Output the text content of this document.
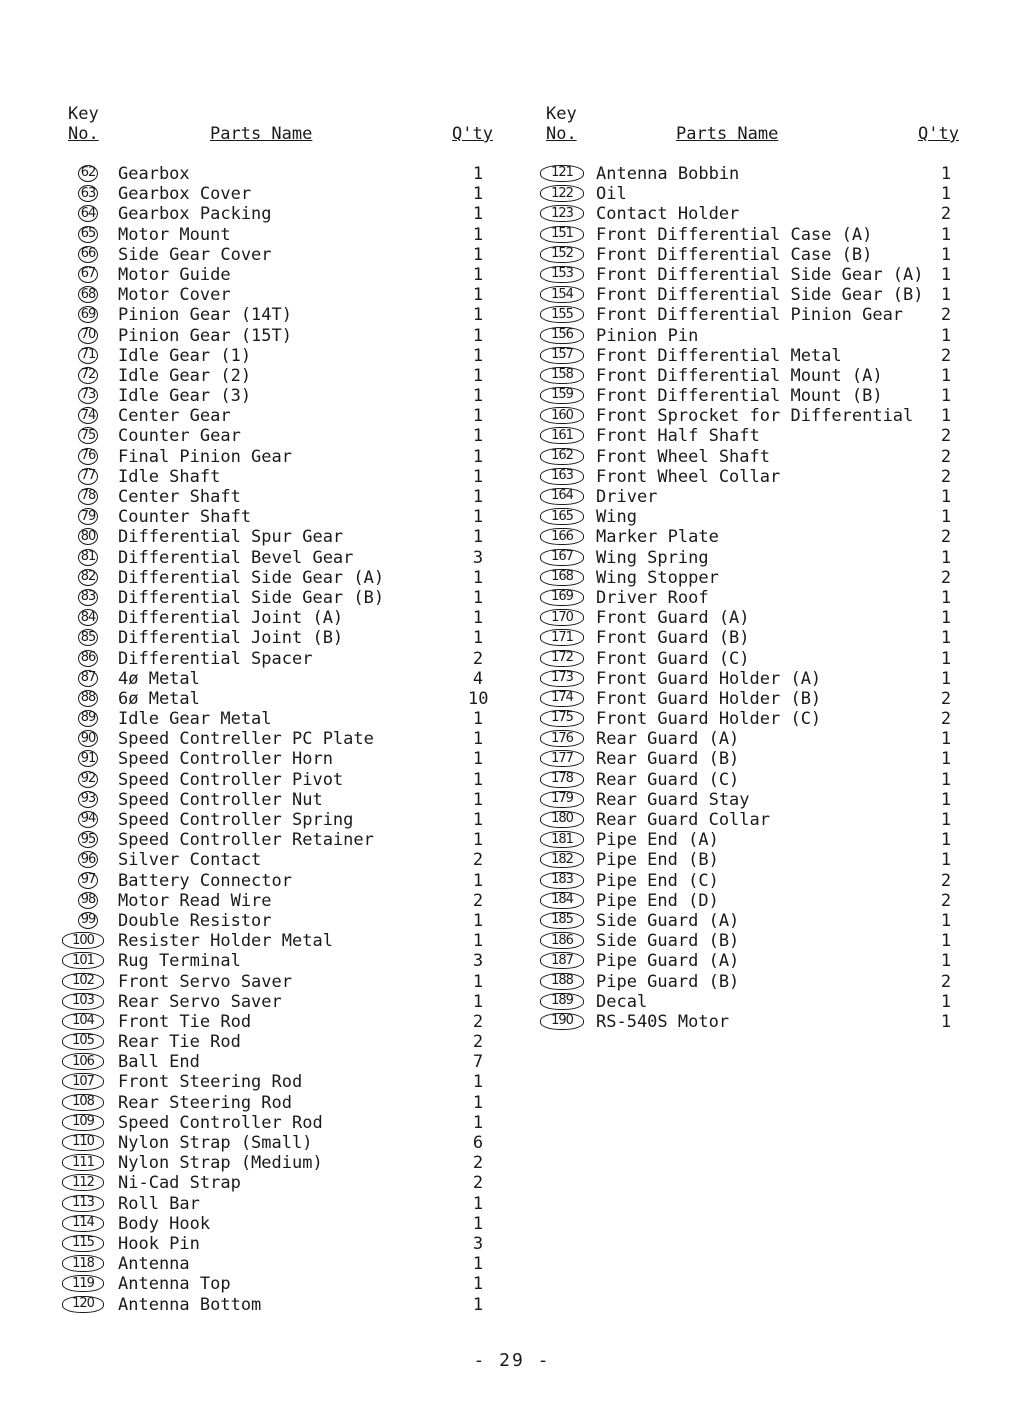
Key
No.	Parts Name	Q'ty
62 Gearbox	1
63 Gearbox Cover	1
64 Gearbox Packing	1
65 Motor Mount	1
66 Side Gear Cover	1
67 Motor Guide	1
68 Motor Cover	1
69 Pinion Gear (14T)	1
70 Pinion Gear (15T)	1
71 Idle Gear (1)	1
72 Idle Gear (2)	1
73 Idle Gear (3)	1
74 Center Gear	1
75 Counter Gear	1
76 Final Pinion Gear	1
77 Idle Shaft	1
78 Center Shaft	1
79 Counter Shaft	1
80 Differential Spur Gear	1
81 Differential Bevel Gear	3
82 Differential Side Gear (A)	1
83 Differential Side Gear (B)	1
84 Differential Joint (A)	1
85 Differential Joint (B)	1
86 Differential Spacer	2
87 4ø Metal	4
88 6ø Metal	10
89 Idle Gear Metal	1
90 Speed Contreller PC Plate	1
91 Speed Controller Horn	1
92 Speed Controller Pivot	1
93 Speed Controller Nut	1
94 Speed Controller Spring	1
95 Speed Controller Retainer	1
96 Silver Contact	2
97 Battery Connector	1
98 Motor Read Wire	2
99 Double Resistor	1
100	Resister Holder Metal	1
101	Rug Terminal	3
102	Front Servo Saver	1
103	Rear Servo Saver	1
104	Front Tie Rod	2
105	Rear Tie Rod	2
106	Ball End	7
107	Front Steering Rod	1
108	Rear Steering Rod	1
109	Speed Controller Rod	1
110	Nylon Strap (Small)	6
111	Nylon Strap (Medium)	2
112	Ni-Cad Strap	2
113	Roll Bar	1
114	Body Hook	1
115	Hook Pin	3
118	Antenna	1
119	Antenna Top	1
120	Antenna Bottom	1
Key
No.	Parts Name	Q'ty
121	Antenna Bobbin	1
122	Oil	1
123	Contact Holder	2
151	Front Differential Case (A)	1
152	Front Differential Case (B)	1
153	Front Differential Side Gear (A) 1
154	Front Differential Side Gear (B) 1
155	Front Differential Pinion Gear 2
156	Pinion Pin	1
157	Front Differential Metal	2
158	Front Differential Mount (A)	1
159	Front Differential Mount (B)	1
160	Front Sprocket for Differential 1
161	Front Half Shaft	2
162	Front Wheel Shaft	2
163	Front Wheel Collar	2
164	Driver	1
165	Wing	1
166	Marker Plate	2
167	Wing Spring	1
168	Wing Stopper	2
169	Driver Roof	1
170	Front Guard (A)	1
171	Front Guard (B)	1
172	Front Guard (C)	1
173	Front Guard Holder (A)	1
174	Front Guard Holder (B)	2
175	Front Guard Holder (C)	2
176	Rear Guard (A)	1
177	Rear Guard (B)	1
178	Rear Guard (C)	1
179	Rear Guard Stay	1
180	Rear Guard Collar	1
181	Pipe End (A)	1
182	Pipe End (B)	1
183	Pipe End (C)	2
184	Pipe End (D)	2
185	Side Guard (A)	1
186	Side Guard (B)	1
187	Pipe Guard (A)	1
188	Pipe Guard (B)	2
189	Decal	1
190	RS-540S Motor	1
- 29 -
